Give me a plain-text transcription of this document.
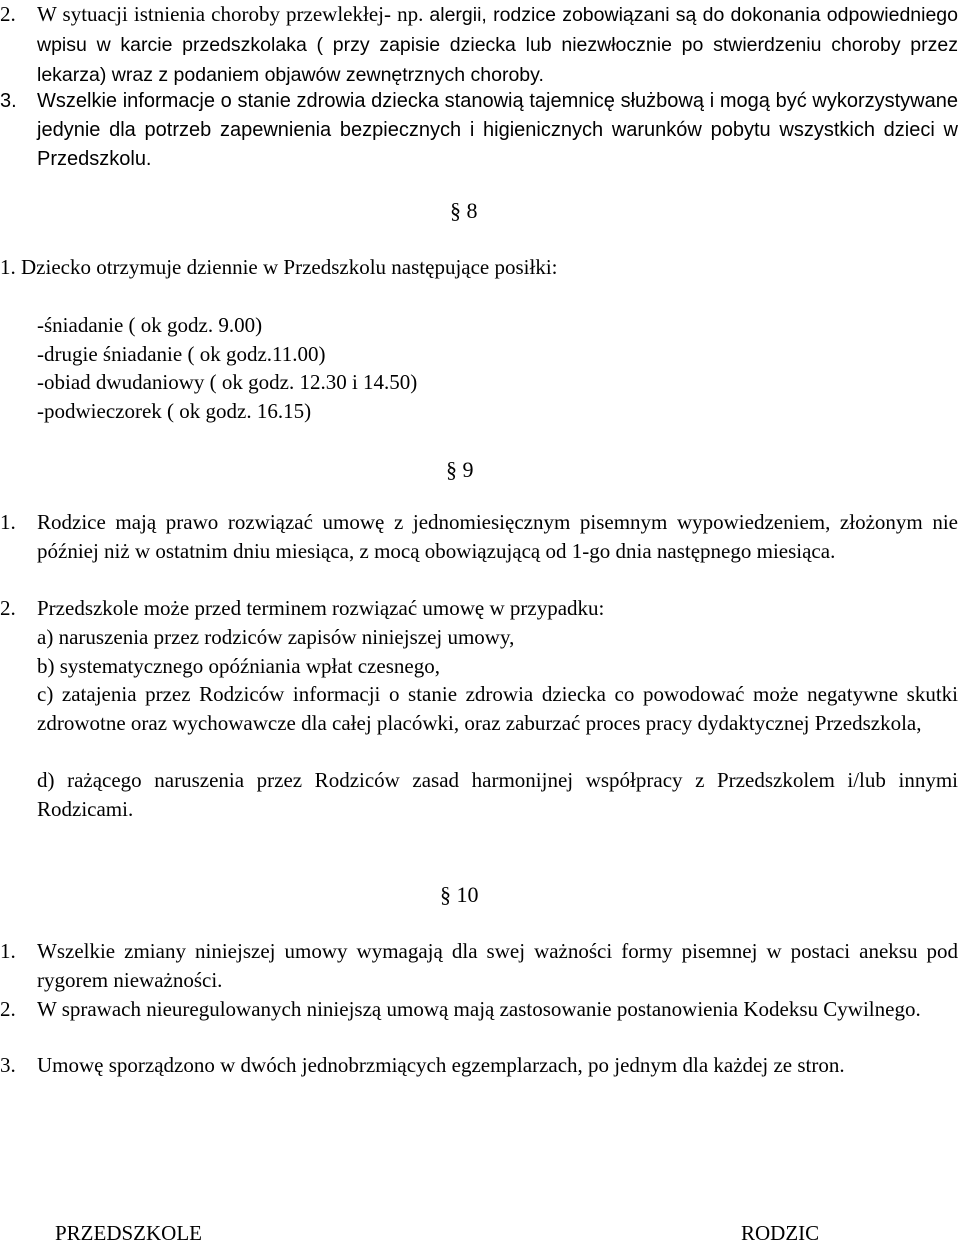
2.	W sytuacji istnienia choroby przewlekłej- np. alergii, rodzice zobowiązani są do dokonania odpowiedniego wpisu w karcie przedszkolaka ( przy zapisie dziecka lub niezwłocznie po stwierdzeniu choroby przez lekarza) wraz z podaniem objawów zewnętrznych choroby.
3.	Wszelkie informacje o stanie zdrowia dziecka stanowią tajemnicę służbową i mogą być wykorzystywane jedynie dla potrzeb zapewnienia bezpiecznych i higienicznych warunków pobytu wszystkich dzieci w Przedszkolu.
§ 8
1. Dziecko otrzymuje dziennie w Przedszkolu następujące posiłki:
-śniadanie ( ok godz. 9.00)
-drugie śniadanie ( ok godz.11.00)
-obiad dwudaniowy ( ok godz. 12.30 i 14.50)
-podwieczorek ( ok godz. 16.15)
§ 9
1.	Rodzice mają prawo rozwiązać umowę z jednomiesięcznym pisemnym wypowiedzeniem, złożonym nie później niż w ostatnim dniu miesiąca, z mocą obowiązującą od 1-go dnia następnego miesiąca.
2.	Przedszkole może przed terminem rozwiązać umowę w przypadku:
a) naruszenia przez rodziców zapisów niniejszej umowy,
b) systematycznego opóźniania wpłat czesnego,
c) zatajenia przez Rodziców informacji o stanie zdrowia dziecka co powodować może negatywne skutki zdrowotne oraz wychowawcze dla całej placówki, oraz zaburzać proces pracy dydaktycznej Przedszkola,
d) rażącego naruszenia przez Rodziców zasad harmonijnej współpracy z Przedszkolem i/lub innymi Rodzicami.
§ 10
1.	Wszelkie zmiany niniejszej umowy wymagają dla swej ważności formy pisemnej w postaci aneksu pod rygorem nieważności.
2.	W sprawach nieuregulowanych niniejszą umową mają zastosowanie postanowienia Kodeksu Cywilnego.
3.	Umowę sporządzono w dwóch jednobrzmiących egzemplarzach, po jednym dla każdej ze stron.
PRZEDSZKOLE	RODZIC
